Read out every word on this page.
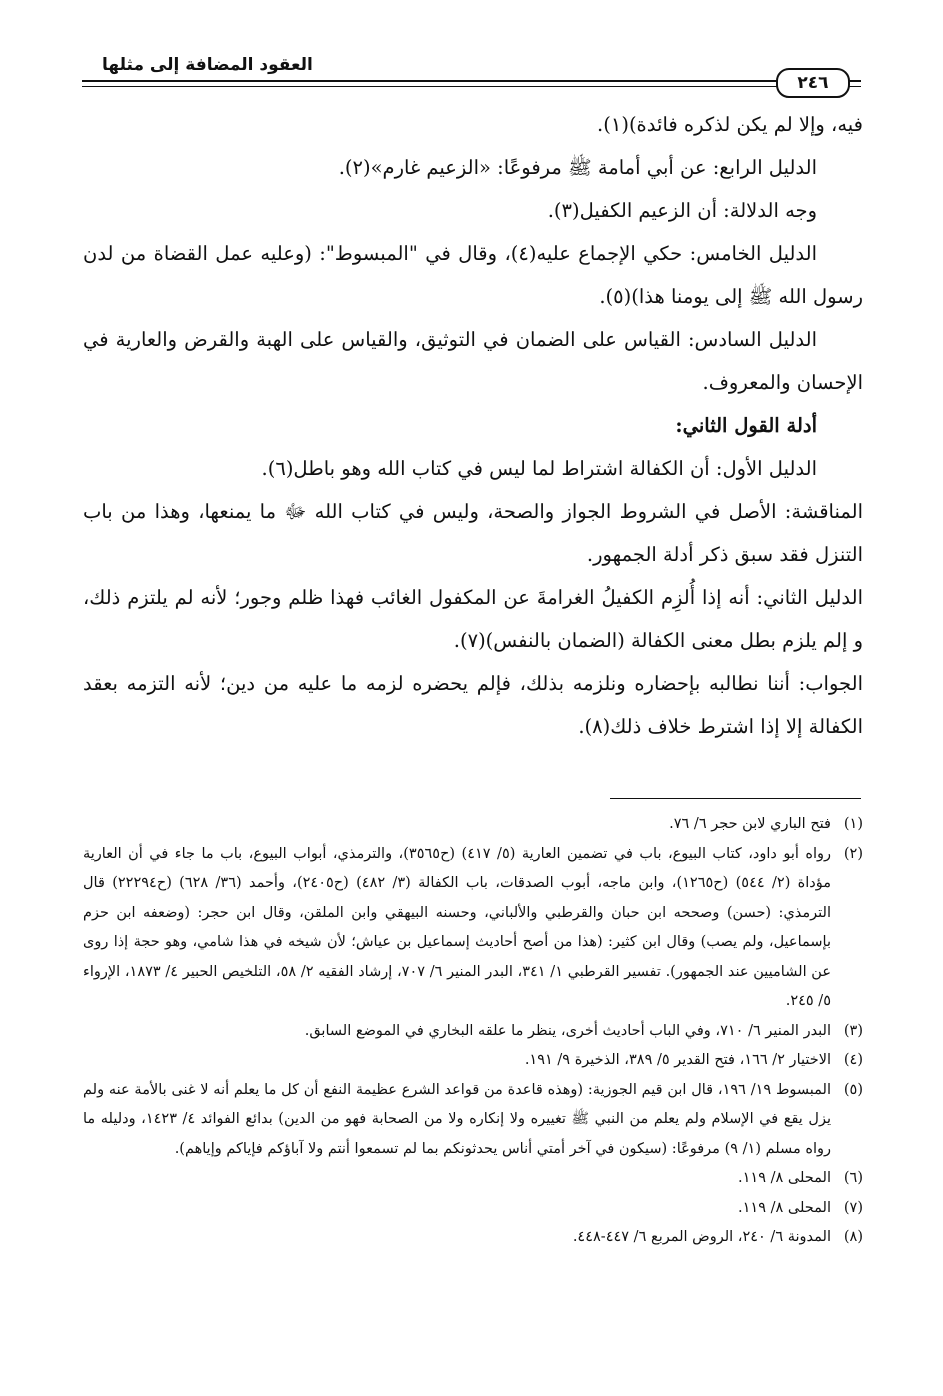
العقود المضافة إلى مثلها
٢٤٦

فيه، وإلا لم يكن لذكره فائدة)(١).

الدليل الرابع: عن أبي أمامة ﷺ مرفوعًا: «الزعيم غارم»(٢).

وجه الدلالة: أن الزعيم الكفيل(٣).

الدليل الخامس: حكي الإجماع عليه(٤)، وقال في "المبسوط": (وعليه عمل القضاة من لدن رسول الله ﷺ إلى يومنا هذا)(٥).

الدليل السادس: القياس على الضمان في التوثيق، والقياس على الهبة والقرض والعارية في الإحسان والمعروف.

أدلة القول الثاني:

الدليل الأول: أن الكفالة اشتراط لما ليس في كتاب الله وهو باطل(٦).

المناقشة: الأصل في الشروط الجواز والصحة، وليس في كتاب الله ﷻ ما يمنعها، وهذا من باب التنزل فقد سبق ذكر أدلة الجمهور.

الدليل الثاني: أنه إذا أُلزِم الكفيلُ الغرامةَ عن المكفول الغائب فهذا ظلم وجور؛ لأنه لم يلتزم ذلك، و إلم يلزم بطل معنى الكفالة (الضمان بالنفس)(٧).

الجواب: أننا نطالبه بإحضاره ونلزمه بذلك، فإلم يحضره لزمه ما عليه من دين؛ لأنه التزمه بعقد الكفالة إلا إذا اشترط خلاف ذلك(٨).

(١)
فتح الباري لابن حجر ٦/ ٧٦.

(٢)
رواه أبو داود، كتاب البيوع، باب في تضمين العارية (٥/ ٤١٧) (ح٣٥٦٥)، والترمذي، أبواب البيوع، باب ما جاء في أن العارية مؤداة (٢/ ٥٤٤) (ح١٢٦٥)، وابن ماجه، أبوب الصدقات، باب الكفالة (٣/ ٤٨٢) (ح٢٤٠٥)، وأحمد (٣٦/ ٦٢٨) (ح٢٢٢٩٤) قال الترمذي: (حسن) وصححه ابن حبان والقرطبي والألباني، وحسنه البيهقي وابن الملقن، وقال ابن حجر: (وضعفه ابن حزم بإسماعيل، ولم يصب) وقال ابن كثير: (هذا من أصح أحاديث إسماعيل بن عياش؛ لأن شيخه في هذا شامي، وهو حجة إذا روى عن الشاميين عند الجمهور). تفسير القرطبي ١/ ٣٤١، البدر المنير ٦/ ٧٠٧، إرشاد الفقيه ٢/ ٥٨، التلخيص الحبير ٤/ ١٨٧٣، الإرواء ٥/ ٢٤٥.

(٣)
البدر المنير ٦/ ٧١٠، وفي الباب أحاديث أخرى، ينظر ما علقه البخاري في الموضع السابق.

(٤)
الاختيار ٢/ ١٦٦، فتح القدير ٥/ ٣٨٩، الذخيرة ٩/ ١٩١.

(٥)
المبسوط ١٩/ ١٩٦، قال ابن قيم الجوزية: (وهذه قاعدة من قواعد الشرع عظيمة النفع أن كل ما يعلم أنه لا غنى بالأمة عنه ولم يزل يقع في الإسلام ولم يعلم من النبي ﷺ تغييره ولا إنكاره ولا من الصحابة فهو من الدين) بدائع الفوائد ٤/ ١٤٢٣، ودليله ما رواه مسلم (١/ ٩) مرفوعًا: (سيكون في آخر أمتي أناس يحدثونكم بما لم تسمعوا أنتم ولا آباؤكم فإياكم وإياهم).

(٦)
المحلى ٨/ ١١٩.

(٧)
المحلى ٨/ ١١٩.

(٨)
المدونة ٦/ ٢٤٠، الروض المربع ٦/ ٤٤٧-٤٤٨.
